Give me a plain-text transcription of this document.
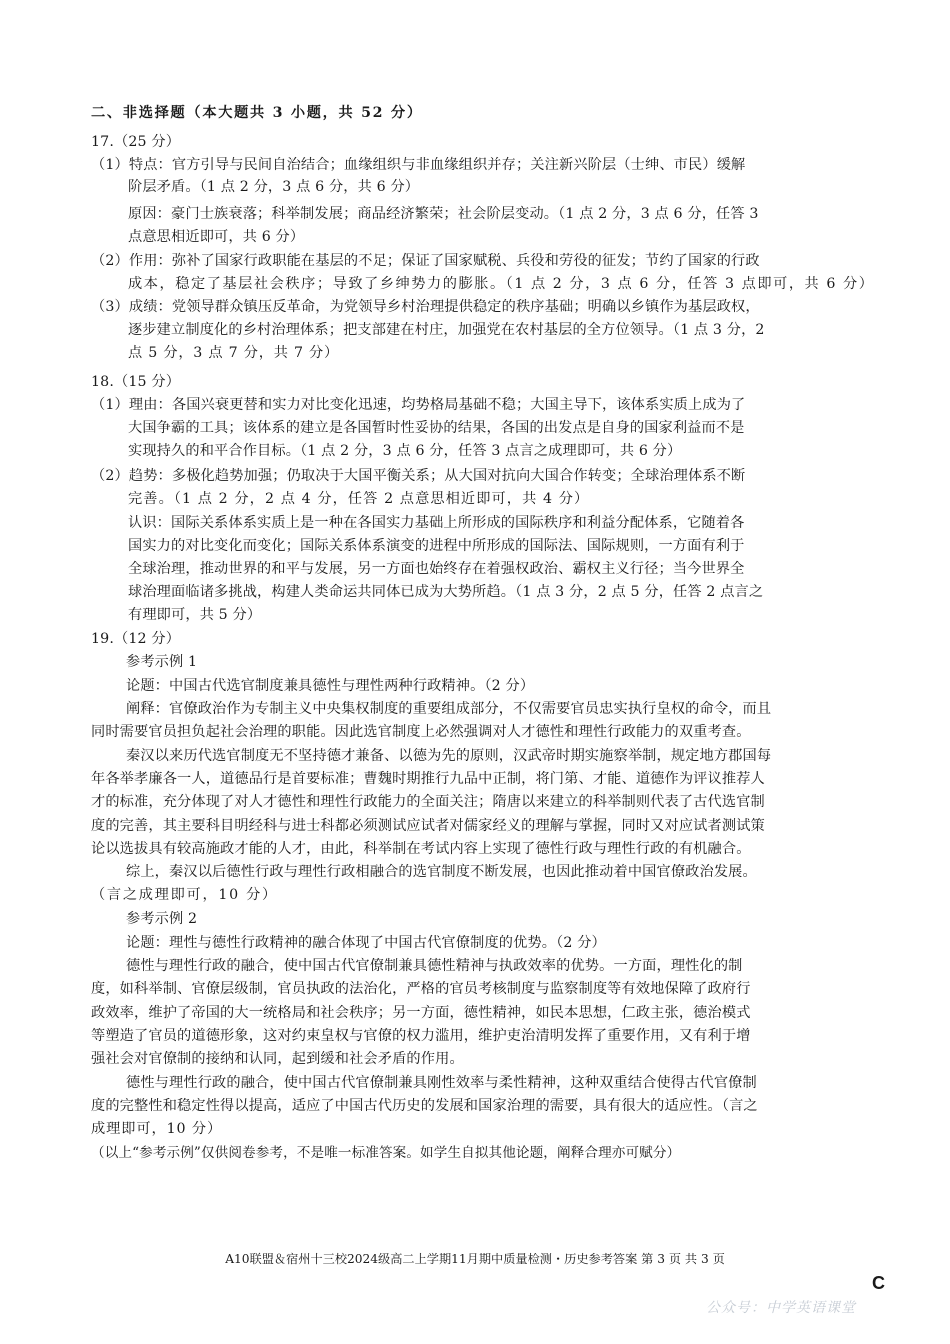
二、非选择题（本大题共 3 小题，共 52 分）
17.（25 分）
（1）特点：官方引导与民间自治结合；血缘组织与非血缘组织并存；关注新兴阶层（士绅、市民）缓解
阶层矛盾。（1 点 2 分，3 点 6 分，共 6 分）
原因：豪门士族衰落；科举制发展；商品经济繁荣；社会阶层变动。（1 点 2 分，3 点 6 分，任答 3
点意思相近即可，共 6 分）
（2）作用：弥补了国家行政职能在基层的不足；保证了国家赋税、兵役和劳役的征发；节约了国家的行政
成本，稳定了基层社会秩序；导致了乡绅势力的膨胀。（1 点 2 分，3 点 6 分，任答 3 点即可，共 6 分）
（3）成绩：党领导群众镇压反革命，为党领导乡村治理提供稳定的秩序基础；明确以乡镇作为基层政权，
逐步建立制度化的乡村治理体系；把支部建在村庄，加强党在农村基层的全方位领导。（1 点 3 分，2
点 5 分，3 点 7 分，共 7 分）
18.（15 分）
（1）理由：各国兴衰更替和实力对比变化迅速，均势格局基础不稳；大国主导下，该体系实质上成为了
大国争霸的工具；该体系的建立是各国暂时性妥协的结果，各国的出发点是自身的国家利益而不是
实现持久的和平合作目标。（1 点 2 分，3 点 6 分，任答 3 点言之成理即可，共 6 分）
（2）趋势：多极化趋势加强；仍取决于大国平衡关系；从大国对抗向大国合作转变；全球治理体系不断
完善。（1 点 2 分，2 点 4 分，任答 2 点意思相近即可，共 4 分）
认识：国际关系体系实质上是一种在各国实力基础上所形成的国际秩序和利益分配体系，它随着各
国实力的对比变化而变化；国际关系体系演变的进程中所形成的国际法、国际规则，一方面有利于
全球治理，推动世界的和平与发展，另一方面也始终存在着强权政治、霸权主义行径；当今世界全
球治理面临诸多挑战，构建人类命运共同体已成为大势所趋。（1 点 3 分，2 点 5 分，任答 2 点言之
有理即可，共 5 分）
19.（12 分）
参考示例 1
论题：中国古代选官制度兼具德性与理性两种行政精神。（2 分）
阐释：官僚政治作为专制主义中央集权制度的重要组成部分，不仅需要官员忠实执行皇权的命令，而且
同时需要官员担负起社会治理的职能。因此选官制度上必然强调对人才德性和理性行政能力的双重考查。
秦汉以来历代选官制度无不坚持德才兼备、以德为先的原则，汉武帝时期实施察举制，规定地方郡国每
年各举孝廉各一人，道德品行是首要标准；曹魏时期推行九品中正制，将门第、才能、道德作为评议推荐人
才的标准，充分体现了对人才德性和理性行政能力的全面关注；隋唐以来建立的科举制则代表了古代选官制
度的完善，其主要科目明经科与进士科都必须测试应试者对儒家经义的理解与掌握，同时又对应试者测试策
论以选拔具有较高施政才能的人才，由此，科举制在考试内容上实现了德性行政与理性行政的有机融合。
综上，秦汉以后德性行政与理性行政相融合的选官制度不断发展，也因此推动着中国官僚政治发展。
（言之成理即可，10 分）
参考示例 2
论题：理性与德性行政精神的融合体现了中国古代官僚制度的优势。（2 分）
德性与理性行政的融合，使中国古代官僚制兼具德性精神与执政效率的优势。一方面，理性化的制
度，如科举制、官僚层级制，官员执政的法治化，严格的官员考核制度与监察制度等有效地保障了政府行
政效率，维护了帝国的大一统格局和社会秩序；另一方面，德性精神，如民本思想，仁政主张，德治模式
等塑造了官员的道德形象，这对约束皇权与官僚的权力滥用，维护吏治清明发挥了重要作用，又有利于增
强社会对官僚制的接纳和认同，起到缓和社会矛盾的作用。
德性与理性行政的融合，使中国古代官僚制兼具刚性效率与柔性精神，这种双重结合使得古代官僚制
度的完整性和稳定性得以提高，适应了中国古代历史的发展和国家治理的需要，具有很大的适应性。（言之
成理即可，10 分）
（以上“参考示例”仅供阅卷参考，不是唯一标准答案。如学生自拟其他论题，阐释合理亦可赋分）
A10联盟＆宿州十三校2024级高二上学期11月期中质量检测・历史参考答案 第 3 页 共 3 页
C
公众号：中学英语课堂
